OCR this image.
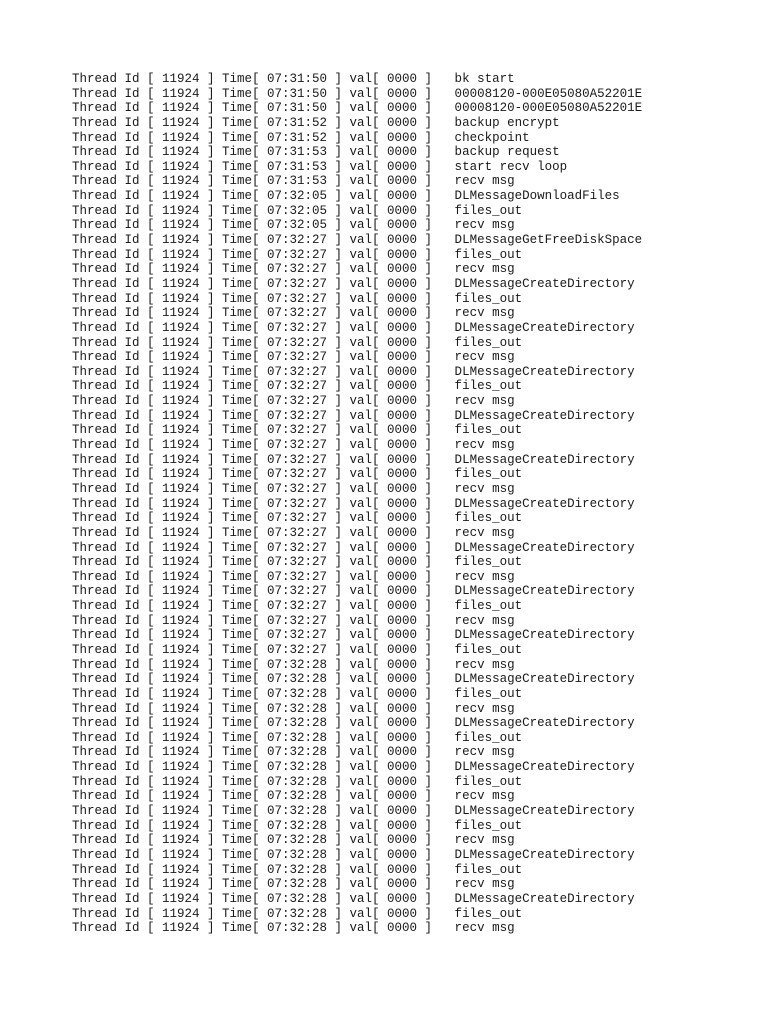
Thread Id [ 11924 ] Time[ 07:31:50 ] val[ 0000 ]   bk start
Thread Id [ 11924 ] Time[ 07:31:50 ] val[ 0000 ]   00008120-000E05080A52201E
Thread Id [ 11924 ] Time[ 07:31:50 ] val[ 0000 ]   00008120-000E05080A52201E
Thread Id [ 11924 ] Time[ 07:31:52 ] val[ 0000 ]   backup encrypt
Thread Id [ 11924 ] Time[ 07:31:52 ] val[ 0000 ]   checkpoint
Thread Id [ 11924 ] Time[ 07:31:53 ] val[ 0000 ]   backup request
Thread Id [ 11924 ] Time[ 07:31:53 ] val[ 0000 ]   start recv loop
Thread Id [ 11924 ] Time[ 07:31:53 ] val[ 0000 ]   recv msg
Thread Id [ 11924 ] Time[ 07:32:05 ] val[ 0000 ]   DLMessageDownloadFiles
Thread Id [ 11924 ] Time[ 07:32:05 ] val[ 0000 ]   files_out
Thread Id [ 11924 ] Time[ 07:32:05 ] val[ 0000 ]   recv msg
Thread Id [ 11924 ] Time[ 07:32:27 ] val[ 0000 ]   DLMessageGetFreeDiskSpace
Thread Id [ 11924 ] Time[ 07:32:27 ] val[ 0000 ]   files_out
Thread Id [ 11924 ] Time[ 07:32:27 ] val[ 0000 ]   recv msg
Thread Id [ 11924 ] Time[ 07:32:27 ] val[ 0000 ]   DLMessageCreateDirectory
Thread Id [ 11924 ] Time[ 07:32:27 ] val[ 0000 ]   files_out
Thread Id [ 11924 ] Time[ 07:32:27 ] val[ 0000 ]   recv msg
Thread Id [ 11924 ] Time[ 07:32:27 ] val[ 0000 ]   DLMessageCreateDirectory
Thread Id [ 11924 ] Time[ 07:32:27 ] val[ 0000 ]   files_out
Thread Id [ 11924 ] Time[ 07:32:27 ] val[ 0000 ]   recv msg
Thread Id [ 11924 ] Time[ 07:32:27 ] val[ 0000 ]   DLMessageCreateDirectory
Thread Id [ 11924 ] Time[ 07:32:27 ] val[ 0000 ]   files_out
Thread Id [ 11924 ] Time[ 07:32:27 ] val[ 0000 ]   recv msg
Thread Id [ 11924 ] Time[ 07:32:27 ] val[ 0000 ]   DLMessageCreateDirectory
Thread Id [ 11924 ] Time[ 07:32:27 ] val[ 0000 ]   files_out
Thread Id [ 11924 ] Time[ 07:32:27 ] val[ 0000 ]   recv msg
Thread Id [ 11924 ] Time[ 07:32:27 ] val[ 0000 ]   DLMessageCreateDirectory
Thread Id [ 11924 ] Time[ 07:32:27 ] val[ 0000 ]   files_out
Thread Id [ 11924 ] Time[ 07:32:27 ] val[ 0000 ]   recv msg
Thread Id [ 11924 ] Time[ 07:32:27 ] val[ 0000 ]   DLMessageCreateDirectory
Thread Id [ 11924 ] Time[ 07:32:27 ] val[ 0000 ]   files_out
Thread Id [ 11924 ] Time[ 07:32:27 ] val[ 0000 ]   recv msg
Thread Id [ 11924 ] Time[ 07:32:27 ] val[ 0000 ]   DLMessageCreateDirectory
Thread Id [ 11924 ] Time[ 07:32:27 ] val[ 0000 ]   files_out
Thread Id [ 11924 ] Time[ 07:32:27 ] val[ 0000 ]   recv msg
Thread Id [ 11924 ] Time[ 07:32:27 ] val[ 0000 ]   DLMessageCreateDirectory
Thread Id [ 11924 ] Time[ 07:32:27 ] val[ 0000 ]   files_out
Thread Id [ 11924 ] Time[ 07:32:27 ] val[ 0000 ]   recv msg
Thread Id [ 11924 ] Time[ 07:32:27 ] val[ 0000 ]   DLMessageCreateDirectory
Thread Id [ 11924 ] Time[ 07:32:27 ] val[ 0000 ]   files_out
Thread Id [ 11924 ] Time[ 07:32:28 ] val[ 0000 ]   recv msg
Thread Id [ 11924 ] Time[ 07:32:28 ] val[ 0000 ]   DLMessageCreateDirectory
Thread Id [ 11924 ] Time[ 07:32:28 ] val[ 0000 ]   files_out
Thread Id [ 11924 ] Time[ 07:32:28 ] val[ 0000 ]   recv msg
Thread Id [ 11924 ] Time[ 07:32:28 ] val[ 0000 ]   DLMessageCreateDirectory
Thread Id [ 11924 ] Time[ 07:32:28 ] val[ 0000 ]   files_out
Thread Id [ 11924 ] Time[ 07:32:28 ] val[ 0000 ]   recv msg
Thread Id [ 11924 ] Time[ 07:32:28 ] val[ 0000 ]   DLMessageCreateDirectory
Thread Id [ 11924 ] Time[ 07:32:28 ] val[ 0000 ]   files_out
Thread Id [ 11924 ] Time[ 07:32:28 ] val[ 0000 ]   recv msg
Thread Id [ 11924 ] Time[ 07:32:28 ] val[ 0000 ]   DLMessageCreateDirectory
Thread Id [ 11924 ] Time[ 07:32:28 ] val[ 0000 ]   files_out
Thread Id [ 11924 ] Time[ 07:32:28 ] val[ 0000 ]   recv msg
Thread Id [ 11924 ] Time[ 07:32:28 ] val[ 0000 ]   DLMessageCreateDirectory
Thread Id [ 11924 ] Time[ 07:32:28 ] val[ 0000 ]   files_out
Thread Id [ 11924 ] Time[ 07:32:28 ] val[ 0000 ]   recv msg
Thread Id [ 11924 ] Time[ 07:32:28 ] val[ 0000 ]   DLMessageCreateDirectory
Thread Id [ 11924 ] Time[ 07:32:28 ] val[ 0000 ]   files_out
Thread Id [ 11924 ] Time[ 07:32:28 ] val[ 0000 ]   recv msg
